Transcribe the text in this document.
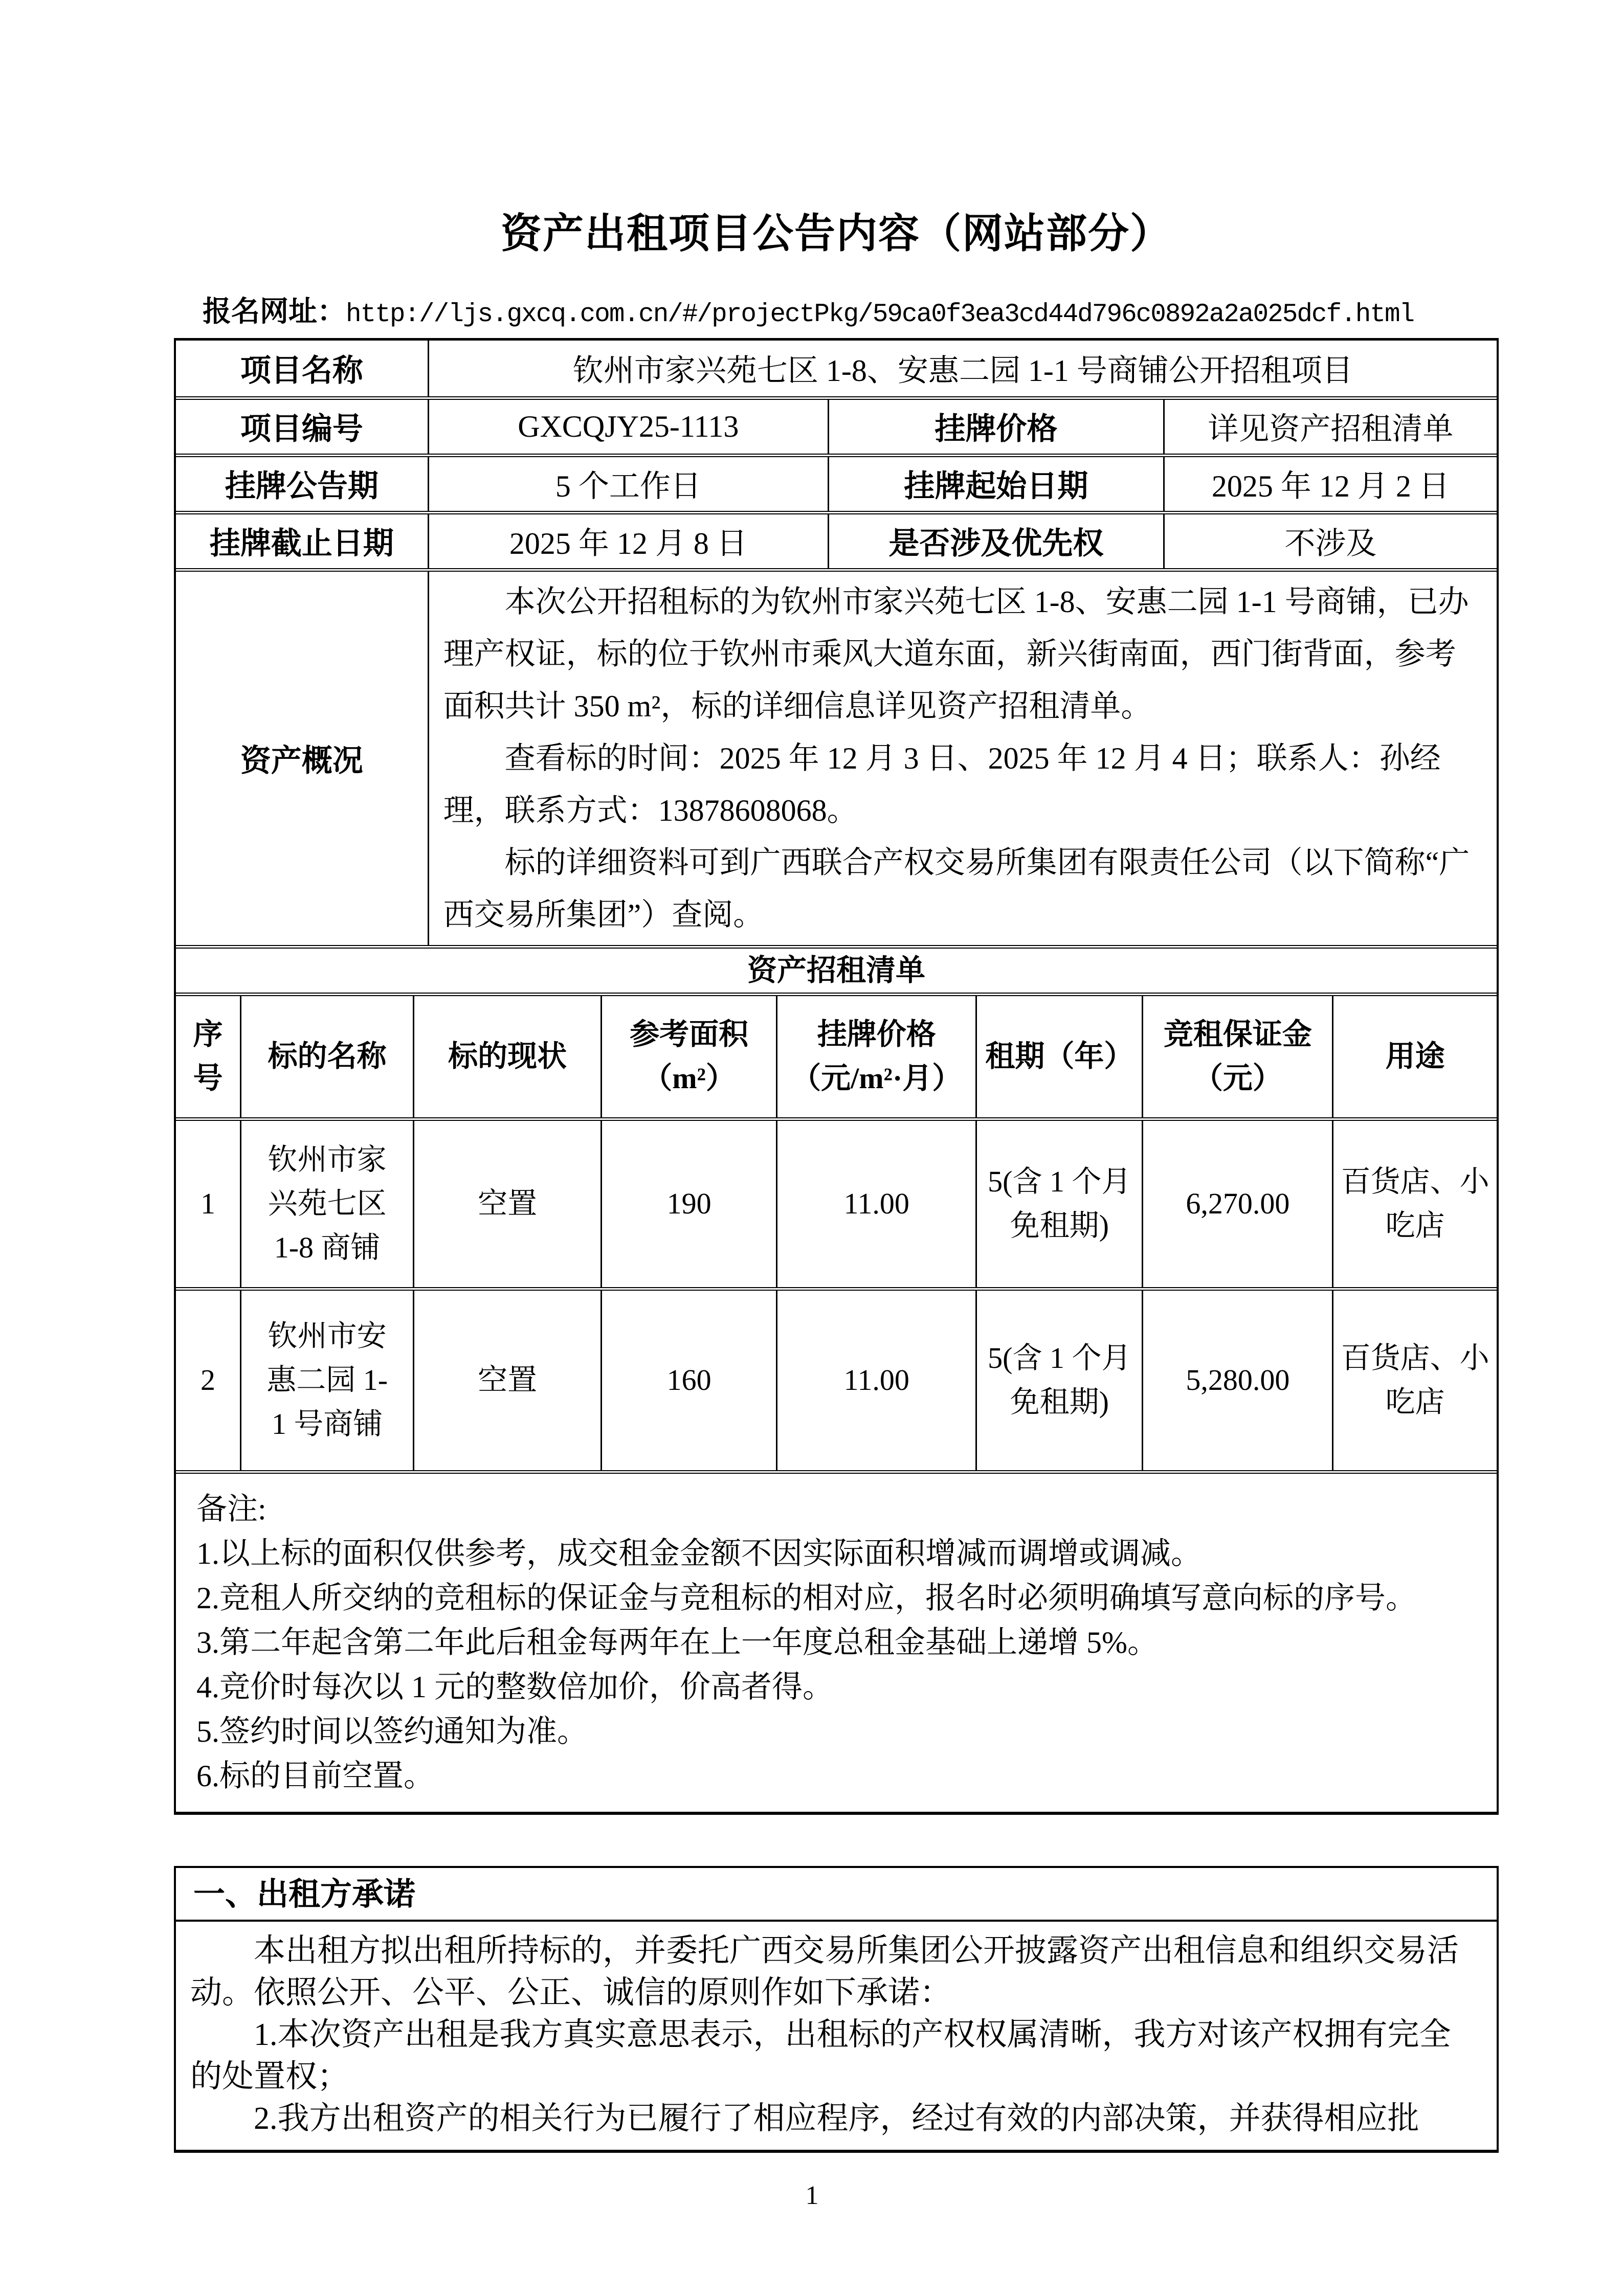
资产出租项目公告内容（网站部分）
报名网址：http://ljs.gxcq.com.cn/#/projectPkg/59ca0f3ea3cd44d796c0892a2a025dcf.html
项目名称	钦州市家兴苑七区 1-8、安惠二园 1-1 号商铺公开招租项目		
项目编号	GXCQJY25-1113	挂牌价格	详见资产招租清单
挂牌公告期	5 个工作日	挂牌起始日期	2025 年 12 月 2 日
挂牌截止日期	2025 年 12 月 8 日	是否涉及优先权	不涉及
资产概况	本次公开招租标的为钦州市家兴苑七区 1-8、安惠二园 1-1 号商铺，已办理产权证，标的位于钦州市乘风大道东面，新兴街南面，西门街背面，参考面积共计 350 m²，标的详细信息详见资产招租清单。

查看标的时间：2025 年 12 月 3 日、2025 年 12 月 4 日；联系人：孙经理，联系方式：13878608068。

标的详细资料可到广西联合产权交易所集团有限责任公司（以下简称“广西交易所集团”）查阅。		

资产招租清单							
序号	标的名称	标的现状	参考面积（m²）	挂牌价格（元/m²·月）	租期（年）	竞租保证金（元）	用途
1	钦州市家兴苑七区 1-8 商铺	空置	190	11.00	5(含 1 个月免租期)	6,270.00	百货店、小吃店
2	钦州市安惠二园 1-1 号商铺	空置	160	11.00	5(含 1 个月免租期)	5,280.00	百货店、小吃店

备注:

1.以上标的面积仅供参考，成交租金金额不因实际面积增减而调增或调减。

2.竞租人所交纳的竞租标的保证金与竞租标的相对应，报名时必须明确填写意向标的序号。

3.第二年起含第二年此后租金每两年在上一年度总租金基础上递增 5%。

4.竞价时每次以 1 元的整数倍加价，价高者得。

5.签约时间以签约通知为准。

6.标的目前空置。

一、出租方承诺

本出租方拟出租所持标的，并委托广西交易所集团公开披露资产出租信息和组织交易活动。依照公开、公平、公正、诚信的原则作如下承诺：

1.本次资产出租是我方真实意思表示，出租标的产权权属清晰，我方对该产权拥有完全的处置权；

2.我方出租资产的相关行为已履行了相应程序，经过有效的内部决策，并获得相应批

1
